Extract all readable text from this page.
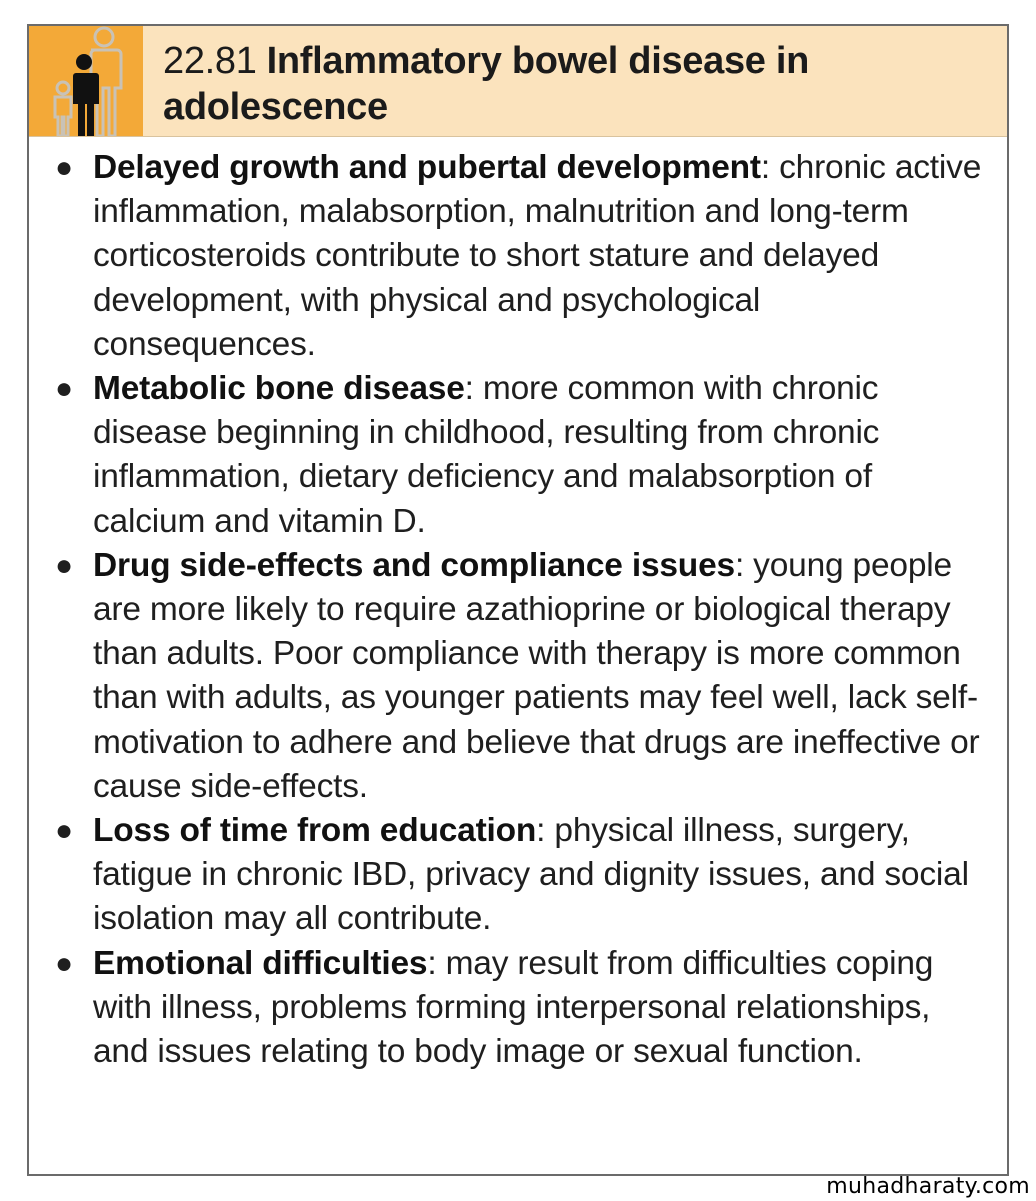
22.81 Inflammatory bowel disease in adolescence
● Delayed growth and pubertal development: chronic active inflammation, malabsorption, malnutrition and long-term corticosteroids contribute to short stature and delayed development, with physical and psychological consequences.
● Metabolic bone disease: more common with chronic disease beginning in childhood, resulting from chronic inflammation, dietary deficiency and malabsorption of calcium and vitamin D.
● Drug side-effects and compliance issues: young people are more likely to require azathioprine or biological therapy than adults. Poor compliance with therapy is more common than with adults, as younger patients may feel well, lack self-motivation to adhere and believe that drugs are ineffective or cause side-effects.
● Loss of time from education: physical illness, surgery, fatigue in chronic IBD, privacy and dignity issues, and social isolation may all contribute.
● Emotional difficulties: may result from difficulties coping with illness, problems forming interpersonal relationships, and issues relating to body image or sexual function.
muhadharaty.com
